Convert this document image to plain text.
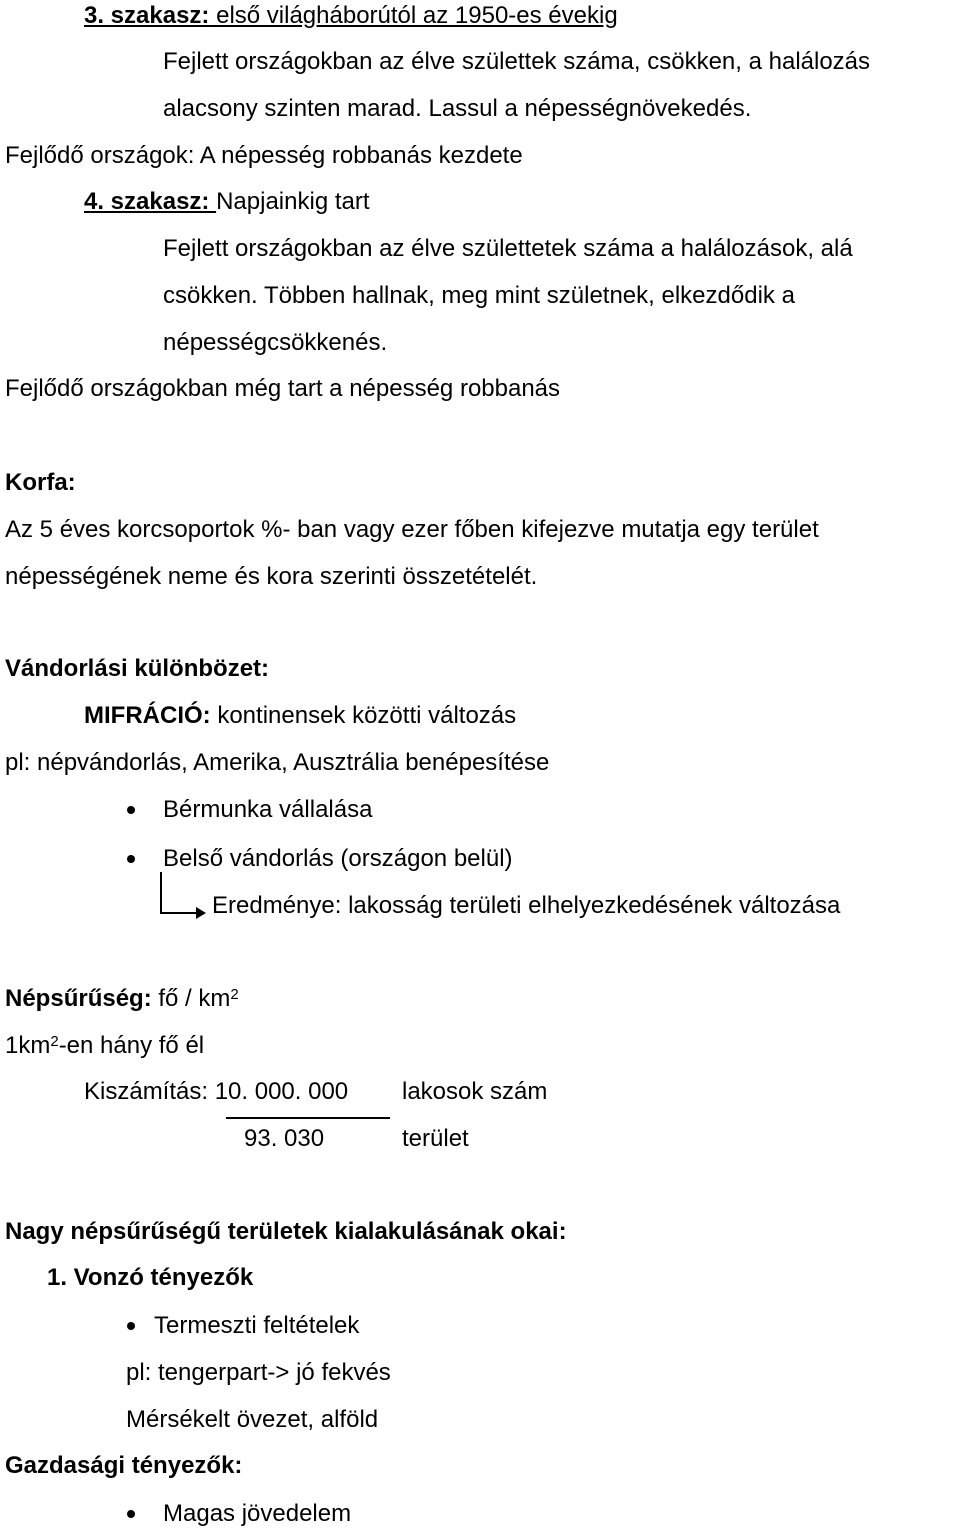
3. szakasz: első világháborútól az 1950-es évekig
Fejlett országokban az élve születtek száma, csökken, a halálozás
alacsony szinten marad. Lassul a népességnövekedés.
Fejlődő országok: A népesség robbanás kezdete
4. szakasz: Napjainkig tart
Fejlett országokban az élve születtetek száma a halálozások, alá
csökken. Többen hallnak, meg mint születnek, elkezdődik a
népességcsökkenés.
Fejlődő országokban még tart a népesség robbanás
Korfa:
Az 5 éves korcsoportok %- ban vagy ezer főben kifejezve mutatja egy terület
népességének neme és kora szerinti összetételét.
Vándorlási különbözet:
MIFRÁCIÓ: kontinensek közötti változás
pl: népvándorlás, Amerika, Ausztrália benépesítése
Bérmunka vállalása
Belső vándorlás (országon belül)
Eredménye: lakosság területi elhelyezkedésének változása
Népsűrűség: fő / $km^2$
$1km^2-en$ hány fő él
Kiszámítás: 10. 000. 000 lakosok szám
93. 030	terület
Nagy népsűrűségű területek kialakulásának okai:
1. Vonzó tényezők
Termeszti feltételek
pl: tengerpart-> jó fekvés
Mérsékelt övezet, alföld
Gazdasági tényezők:
Magas jövedelem
